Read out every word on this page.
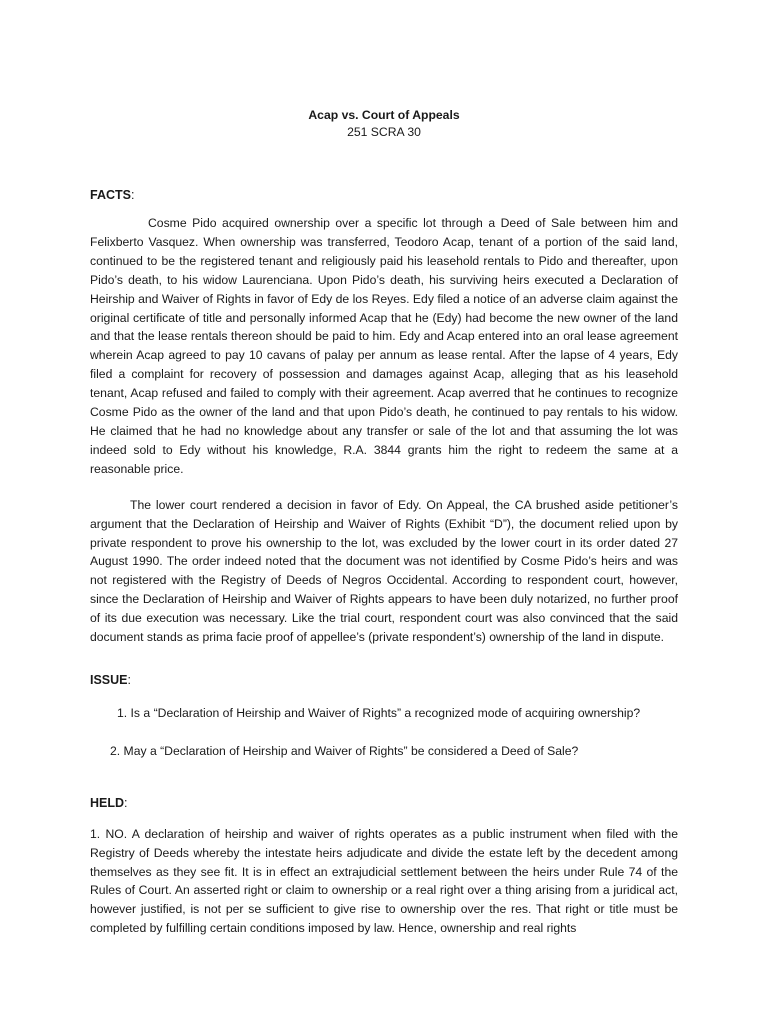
Acap vs. Court of Appeals

251 SCRA 30

FACTS:

Cosme Pido acquired ownership over a specific lot through a Deed of Sale between him and Felixberto Vasquez. When ownership was transferred, Teodoro Acap, tenant of a portion of the said land, continued to be the registered tenant and religiously paid his leasehold rentals to Pido and thereafter, upon Pido’s death, to his widow Laurenciana. Upon Pido’s death, his surviving heirs executed a Declaration of Heirship and Waiver of Rights in favor of Edy de los Reyes. Edy filed a notice of an adverse claim against the original certificate of title and personally informed Acap that he (Edy) had become the new owner of the land and that the lease rentals thereon should be paid to him. Edy and Acap entered into an oral lease agreement wherein Acap agreed to pay 10 cavans of palay per annum as lease rental. After the lapse of 4 years, Edy filed a complaint for recovery of possession and damages against Acap, alleging that as his leasehold tenant, Acap refused and failed to comply with their agreement. Acap averred that he continues to recognize Cosme Pido as the owner of the land and that upon Pido’s death, he continued to pay rentals to his widow. He claimed that he had no knowledge about any transfer or sale of the lot and that assuming the lot was indeed sold to Edy without his knowledge, R.A. 3844 grants him the right to redeem the same at a reasonable price.

The lower court rendered a decision in favor of Edy. On Appeal, the CA brushed aside petitioner’s argument that the Declaration of Heirship and Waiver of Rights (Exhibit “D”), the document relied upon by private respondent to prove his ownership to the lot, was excluded by the lower court in its order dated 27 August 1990. The order indeed noted that the document was not identified by Cosme Pido’s heirs and was not registered with the Registry of Deeds of Negros Occidental. According to respondent court, however, since the Declaration of Heirship and Waiver of Rights appears to have been duly notarized, no further proof of its due execution was necessary. Like the trial court, respondent court was also convinced that the said document stands as prima facie proof of appellee’s (private respondent’s) ownership of the land in dispute.

ISSUE:

1. Is a “Declaration of Heirship and Waiver of Rights” a recognized mode of acquiring ownership?

2. May a “Declaration of Heirship and Waiver of Rights” be considered a Deed of Sale?

HELD:

1. NO. A declaration of heirship and waiver of rights operates as a public instrument when filed with the Registry of Deeds whereby the intestate heirs adjudicate and divide the estate left by the decedent among themselves as they see fit. It is in effect an extrajudicial settlement between the heirs under Rule 74 of the Rules of Court. An asserted right or claim to ownership or a real right over a thing arising from a juridical act, however justified, is not per se sufficient to give rise to ownership over the res. That right or title must be completed by fulfilling certain conditions imposed by law. Hence, ownership and real rights
